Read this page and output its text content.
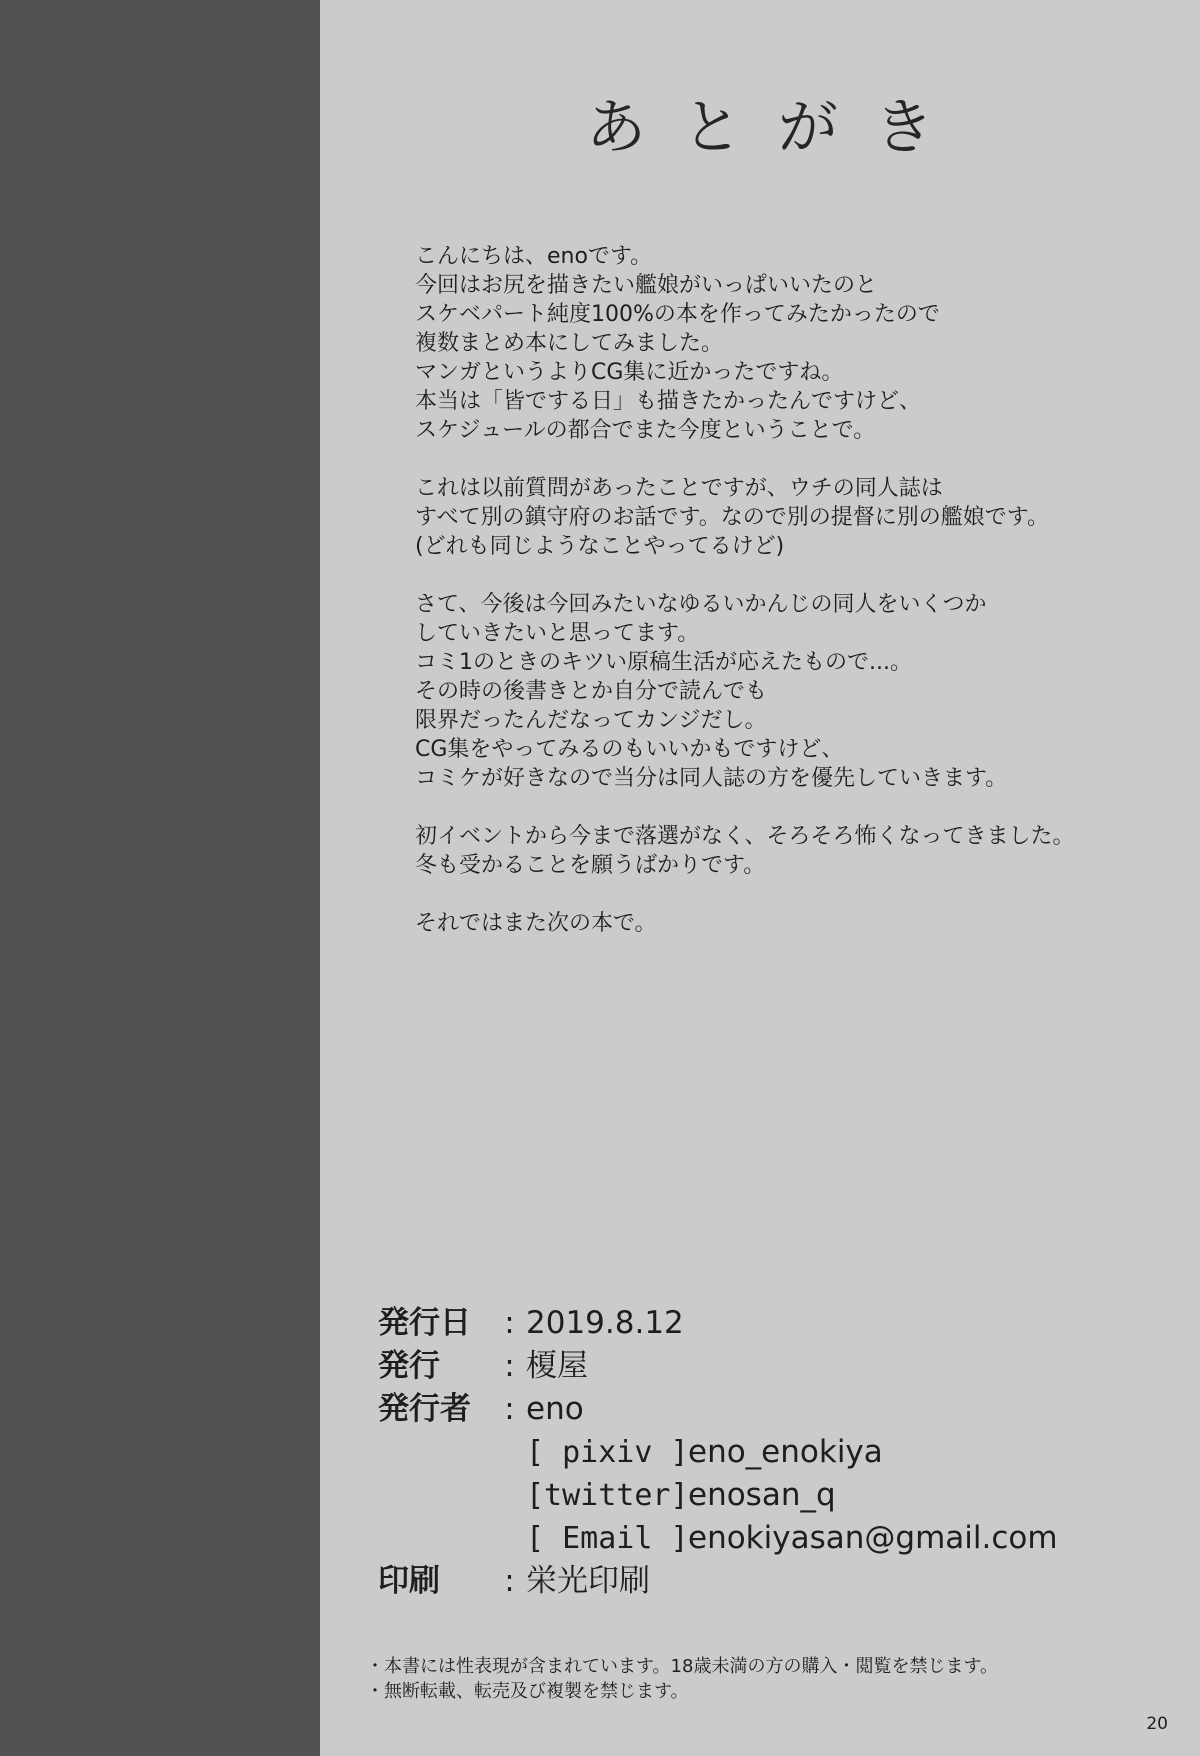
あとがき
こんにちは、enoです。
今回はお尻を描きたい艦娘がいっぱいいたのと
スケベパート純度100%の本を作ってみたかったので
複数まとめ本にしてみました。
マンガというよりCG集に近かったですね。
本当は「皆でする日」も描きたかったんですけど、
スケジュールの都合でまた今度ということで。
これは以前質問があったことですが、ウチの同人誌は
すべて別の鎮守府のお話です。なので別の提督に別の艦娘です。
(どれも同じようなことやってるけど)
さて、今後は今回みたいなゆるいかんじの同人をいくつか
していきたいと思ってます。
コミ1のときのキツい原稿生活が応えたもので...。
その時の後書きとか自分で読んでも
限界だったんだなってカンジだし。
CG集をやってみるのもいいかもですけど、
コミケが好きなので当分は同人誌の方を優先していきます。
初イベントから今まで落選がなく、そろそろ怖くなってきました。
冬も受かることを願うばかりです。
それではまた次の本で。
発行日	: 2019.8.12
発行	: 榎屋
発行者	: eno
[ pixiv ] eno_enokiya
[twitter] enosan_q
[ Email ] enokiyasan@gmail.com
印刷	: 栄光印刷
・本書には性表現が含まれています。18歳未満の方の購入・閲覧を禁じます。
・無断転載、転売及び複製を禁じます。
20
